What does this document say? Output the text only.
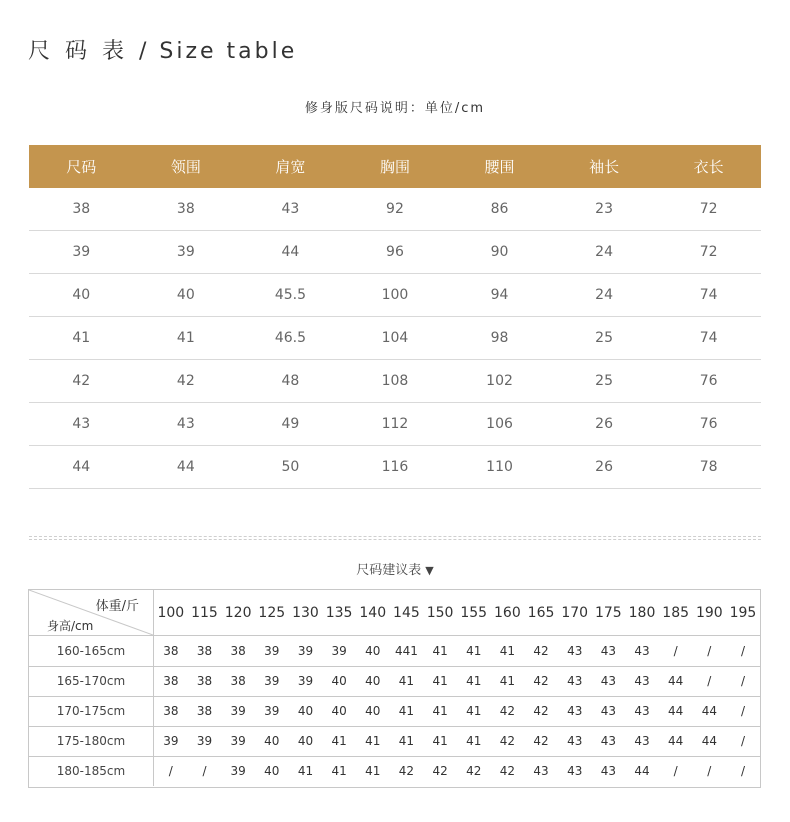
尺 码 表 / Size table
修身版尺码说明：单位/cm
尺码	领围	肩宽	胸围	腰围	袖长	衣长
38	38	43	92	86	23	72
39	39	44	96	90	24	72
40	40	45.5	100	94	24	74
41	41	46.5	104	98	25	74
42	42	48	108	102	25	76
43	43	49	112	106	26	76
44	44	50	116	110	26	78
尺码建议表 ▼
体重/斤
身高/cm
100 115 120 125 130 135 140 145 150 155 160 165 170 175 180 185 190 195
160-165cm	38	38	38	39	39	39	40	441	41	41	41	42	43	43	43	/	/	/
165-170cm	38	38	38	39	39	40	40	41	41	41	41	42	43	43	43	44	/	/
170-175cm	38	38	39	39	40	40	40	41	41	41	42	42	43	43	43	44	44	/
175-180cm	39	39	39	40	40	41	41	41	41	41	42	42	43	43	43	44	44	/
180-185cm	/	/	39	40	41	41	41	42	42	42	42	43	43	43	44	/	/	/
